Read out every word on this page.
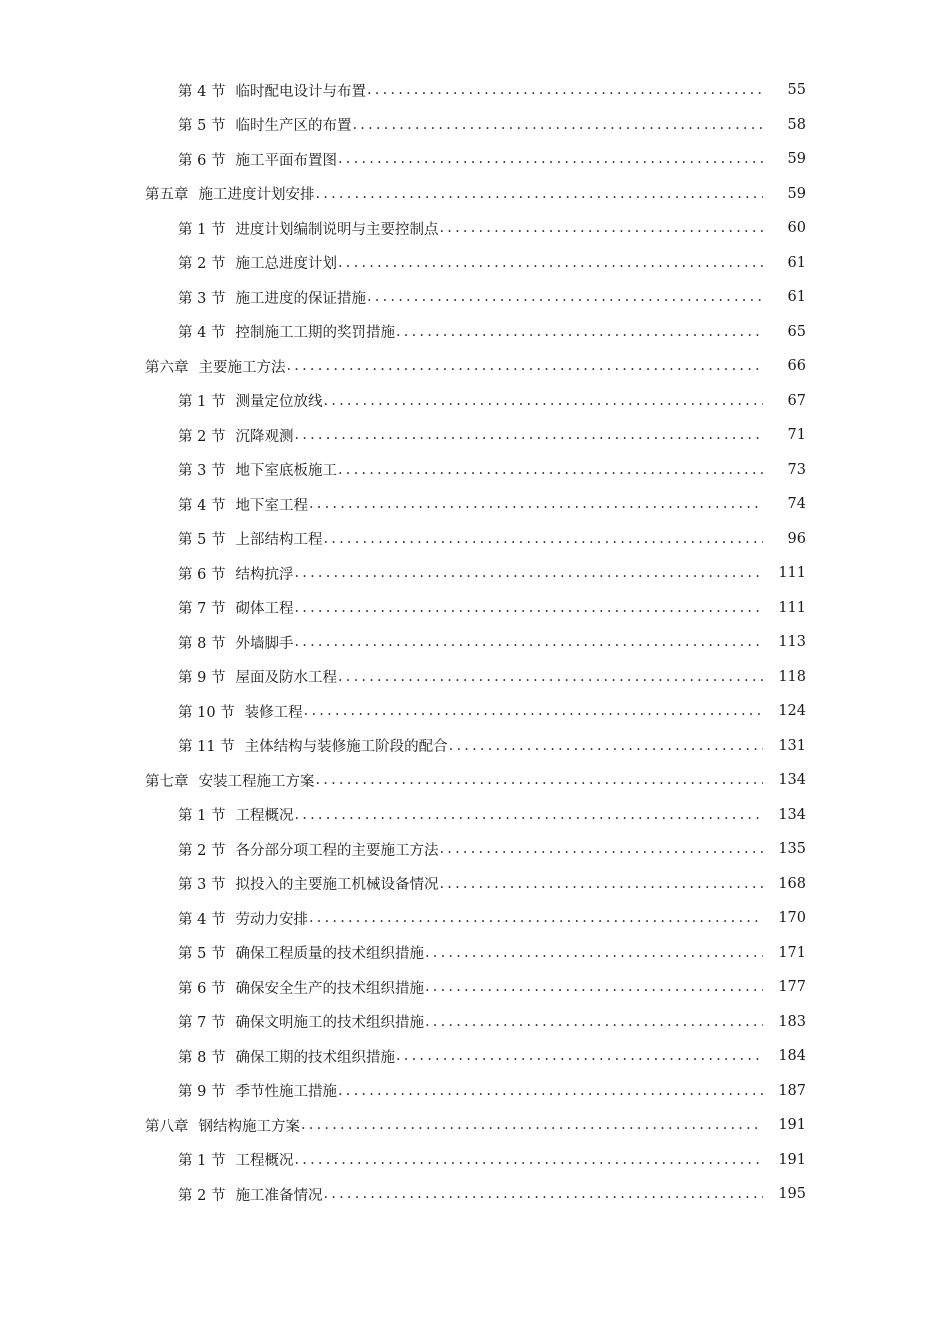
第 4 节 临时配电设计与布置 .....	55
第 5 节 临时生产区的布置 .....	58
第 6 节 施工平面布置图 .....	59
第五章 施工进度计划安排 .....	59
第 1 节 进度计划编制说明与主要控制点 .....	60
第 2 节 施工总进度计划 .....	61
第 3 节 施工进度的保证措施 .....	61
第 4 节 控制施工工期的奖罚措施 .....	65
第六章 主要施工方法 .....	66
第 1 节 测量定位放线 .....	67
第 2 节 沉降观测 .....	71
第 3 节 地下室底板施工 .....	73
第 4 节 地下室工程 .....	74
第 5 节 上部结构工程 .....	96
第 6 节 结构抗浮 .....	111
第 7 节 砌体工程 .....	111
第 8 节 外墙脚手 .....	113
第 9 节 屋面及防水工程 .....	118
第 10 节 装修工程 .....	124
第 11 节 主体结构与装修施工阶段的配合 .....	131
第七章 安装工程施工方案 .....	134
第 1 节 工程概况 .....	134
第 2 节 各分部分项工程的主要施工方法 .....	135
第 3 节 拟投入的主要施工机械设备情况 .....	168
第 4 节 劳动力安排 .....	170
第 5 节 确保工程质量的技术组织措施 .....	171
第 6 节 确保安全生产的技术组织措施 .....	177
第 7 节 确保文明施工的技术组织措施 .....	183
第 8 节 确保工期的技术组织措施 .....	184
第 9 节 季节性施工措施 .....	187
第八章 钢结构施工方案 .....	191
第 1 节 工程概况 .....	191
第 2 节 施工准备情况 .....	195
